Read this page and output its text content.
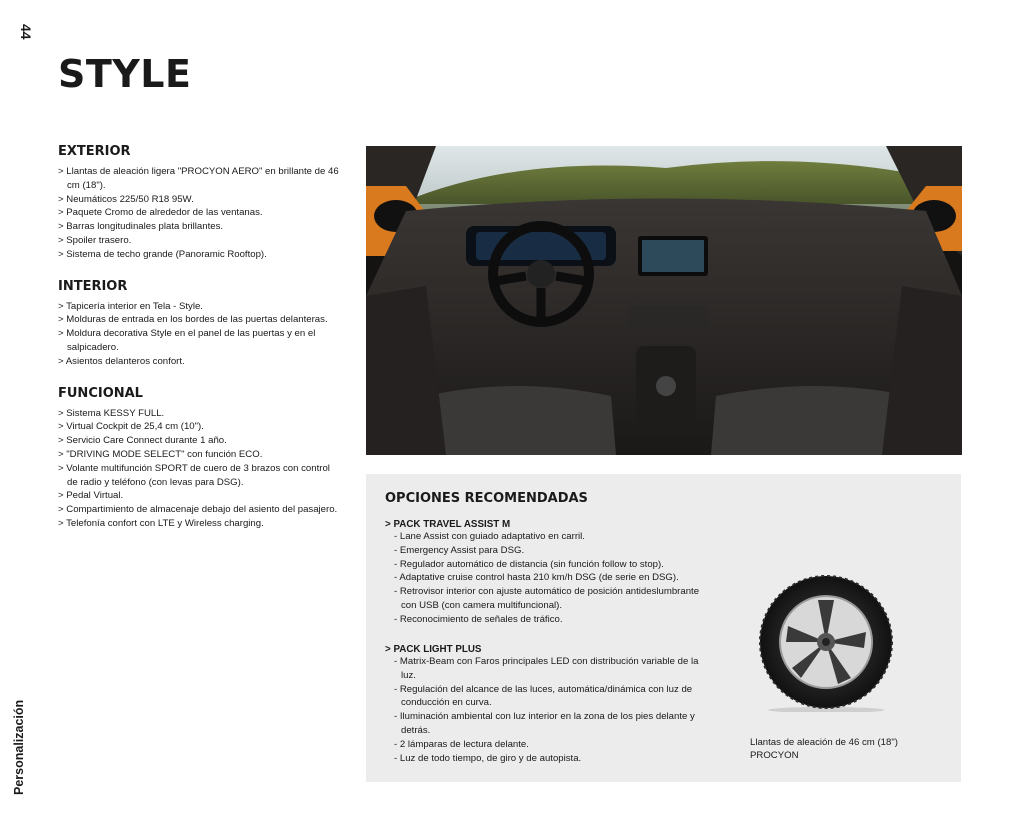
44
Personalización
STYLE
EXTERIOR
> Llantas de aleación ligera "PROCYON AERO" en brillante de 46 cm (18").
> Neumáticos 225/50 R18 95W.
> Paquete Cromo de alrededor de las ventanas.
> Barras longitudinales plata brillantes.
> Spoiler trasero.
> Sistema de techo grande (Panoramic Rooftop).
INTERIOR
> Tapicería interior en Tela - Style.
> Molduras de entrada en los bordes de las puertas delanteras.
> Moldura decorativa Style en el panel de las puertas y en el salpicadero.
> Asientos delanteros confort.
FUNCIONAL
> Sistema KESSY FULL.
> Virtual Cockpit de 25,4 cm (10").
> Servicio Care Connect durante 1 año.
> "DRIVING MODE SELECT" con función ECO.
> Volante multifunción SPORT de cuero de 3 brazos con control de radio y teléfono (con levas para DSG).
> Pedal Virtual.
> Compartimiento de almacenaje debajo del asiento del pasajero.
> Telefonía confort con LTE y Wireless charging.
OPCIONES RECOMENDADAS
> PACK TRAVEL ASSIST M
- Lane Assist con guiado adaptativo en carril.
- Emergency Assist para DSG.
- Regulador automático de distancia (sin función follow to stop).
- Adaptative cruise control hasta 210 km/h DSG (de serie en DSG).
- Retrovisor interior con ajuste automático de posición antideslumbrante con USB (con camera multifuncional).
- Reconocimiento de señales de tráfico.
> PACK LIGHT PLUS
- Matrix-Beam con Faros principales LED con distribución variable de la luz.
- Regulación del alcance de las luces, automática/dinámica con luz de conducción en curva.
- Iluminación ambiental con luz interior en la zona de los pies delante y detrás.
- 2 lámparas de lectura delante.
- Luz de todo tiempo, de giro y de autopista.
Llantas de aleación de 46 cm (18")
PROCYON
